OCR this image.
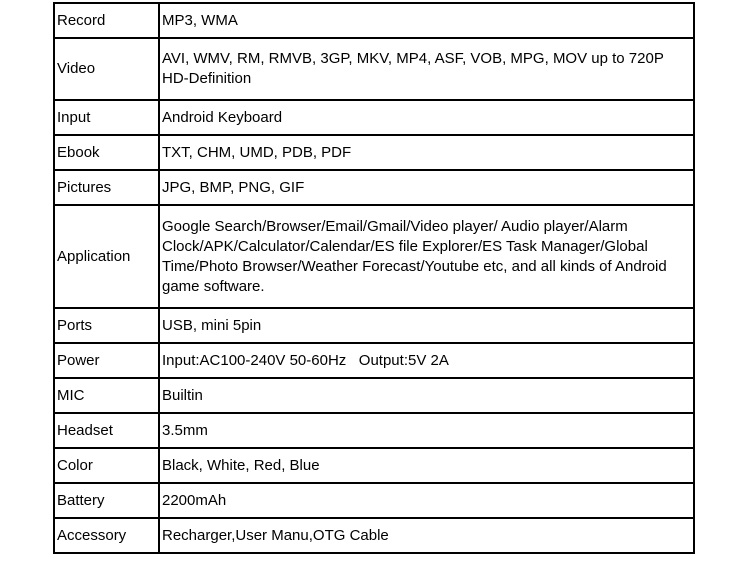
Record	MP3, WMA
Video	AVI, WMV, RM, RMVB, 3GP, MKV, MP4, ASF, VOB, MPG, MOV up to 720P HD-Definition
Input	Android Keyboard
Ebook	TXT, CHM, UMD, PDB, PDF
Pictures	JPG, BMP, PNG, GIF
Application	Google Search/Browser/Email/Gmail/Video player/ Audio player/Alarm Clock/APK/Calculator/Calendar/ES file Explorer/ES Task Manager/Global Time/Photo Browser/Weather Forecast/Youtube etc, and all kinds of Android game software.
Ports	USB, mini 5pin
Power	Input:AC100-240V 50-60Hz   Output:5V 2A
MIC	Builtin
Headset	3.5mm
Color	Black, White, Red, Blue
Battery	2200mAh
Accessory	Recharger,User Manu,OTG Cable
